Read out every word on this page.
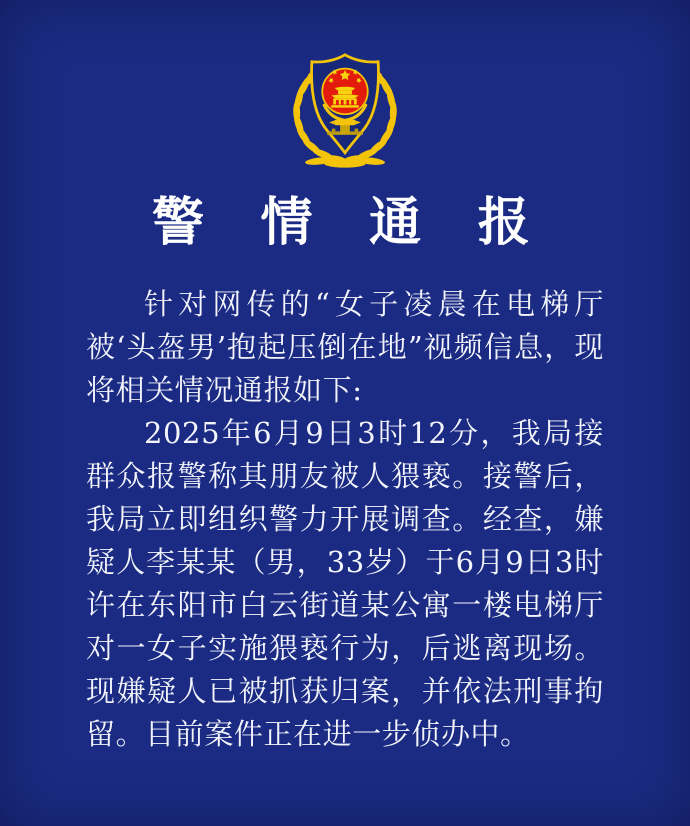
警 情 通 报

针对网传的“女子凌晨在电梯厅被‘头盔男’抱起压倒在地”视频信息，现将相关情况通报如下:

2025年6月9日3时12分，我局接群众报警称其朋友被人猥亵。接警后，我局立即组织警力开展调查。经查，嫌疑人李某某（男，33岁）于6月9日3时许在东阳市白云街道某公寓一楼电梯厅对一女子实施猥亵行为，后逃离现场。现嫌疑人已被抓获归案，并依法刑事拘留。目前案件正在进一步侦办中。
